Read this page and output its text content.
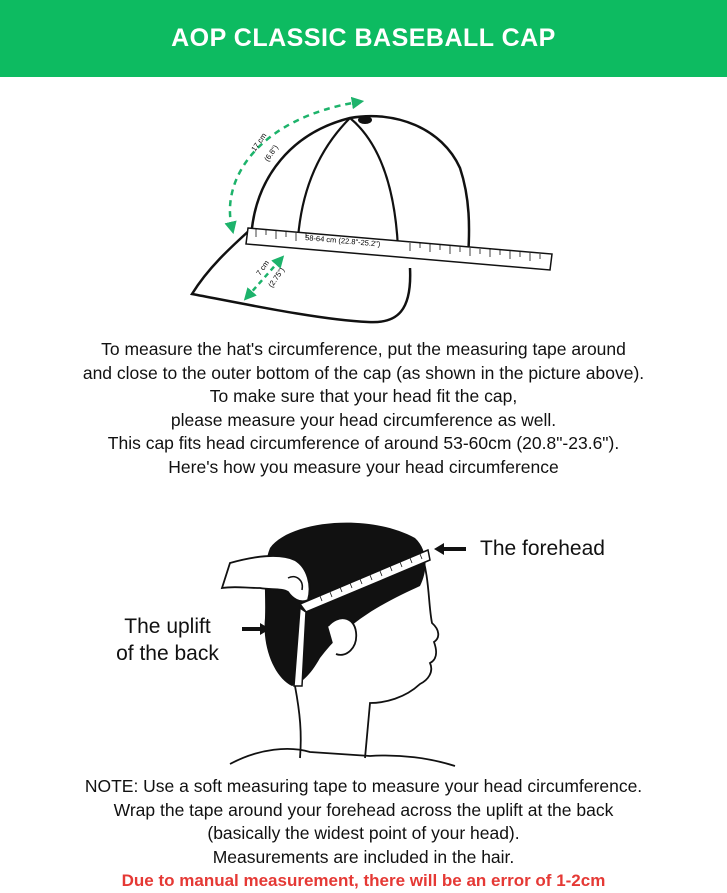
AOP CLASSIC BASEBALL CAP
58-64 cm (22.8"-25.2")
7 cm
(2.75")
17 cm
(6.8")
To measure the hat's circumference, put the measuring tape around
and close to the outer bottom of the cap (as shown in the picture above).
To make sure that your head fit the cap,
please measure your head circumference as well.
This cap fits head circumference of around 53-60cm (20.8"-23.6").
Here's how you measure your head circumference
The forehead
The uplift
of the back
NOTE: Use a soft measuring tape to measure your head circumference.
Wrap the tape around your forehead across the uplift at the back
(basically the widest point of your head).
Measurements are included in the hair.
Due to manual measurement, there will be an error of 1-2cm
